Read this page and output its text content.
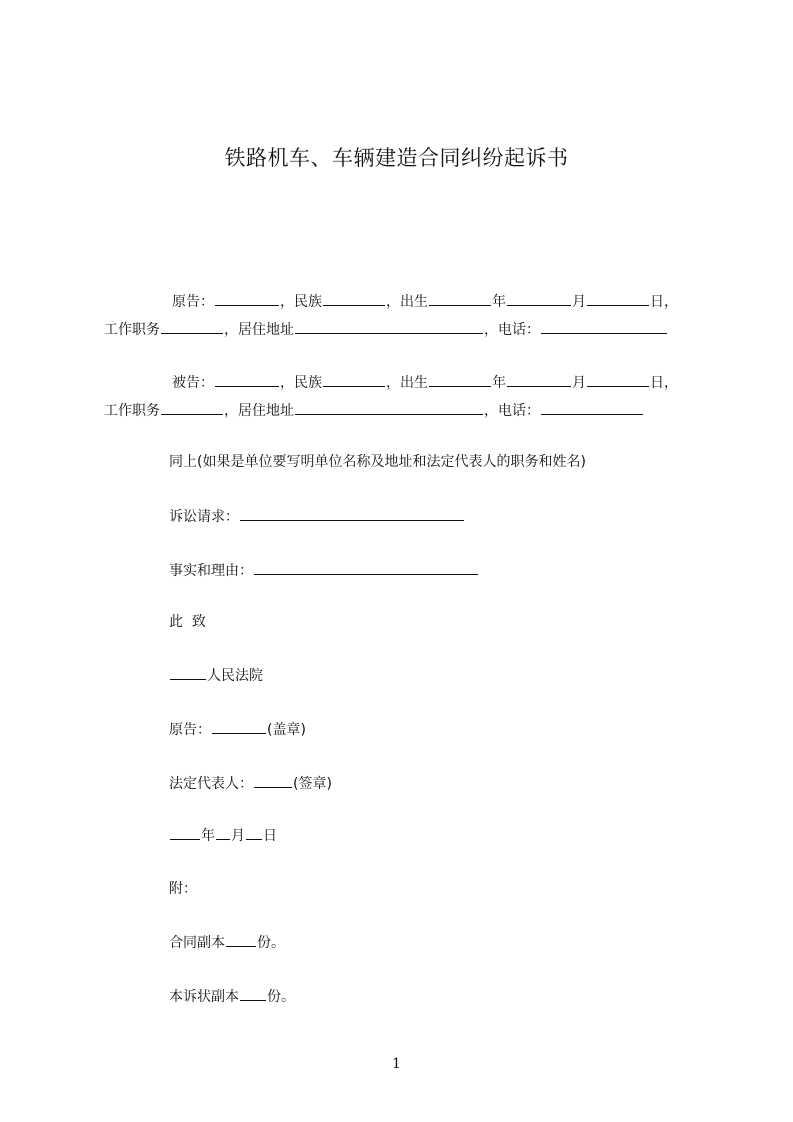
铁路机车、车辆建造合同纠纷起诉书
原告：	，民族	，出生	年	月	日，
工作职务	，居住地址	，电话：
被告：	，民族	，出生	年	月	日，
工作职务	，居住地址	，电话：
同上(如果是单位要写明单位名称及地址和法定代表人的职务和姓名)
诉讼请求：
事实和理由：
此  致
人民法院
原告：	(盖章)
法定代表人：	(签章)
年 月 日
附：
合同副本 份。
本诉状副本 份。
1
